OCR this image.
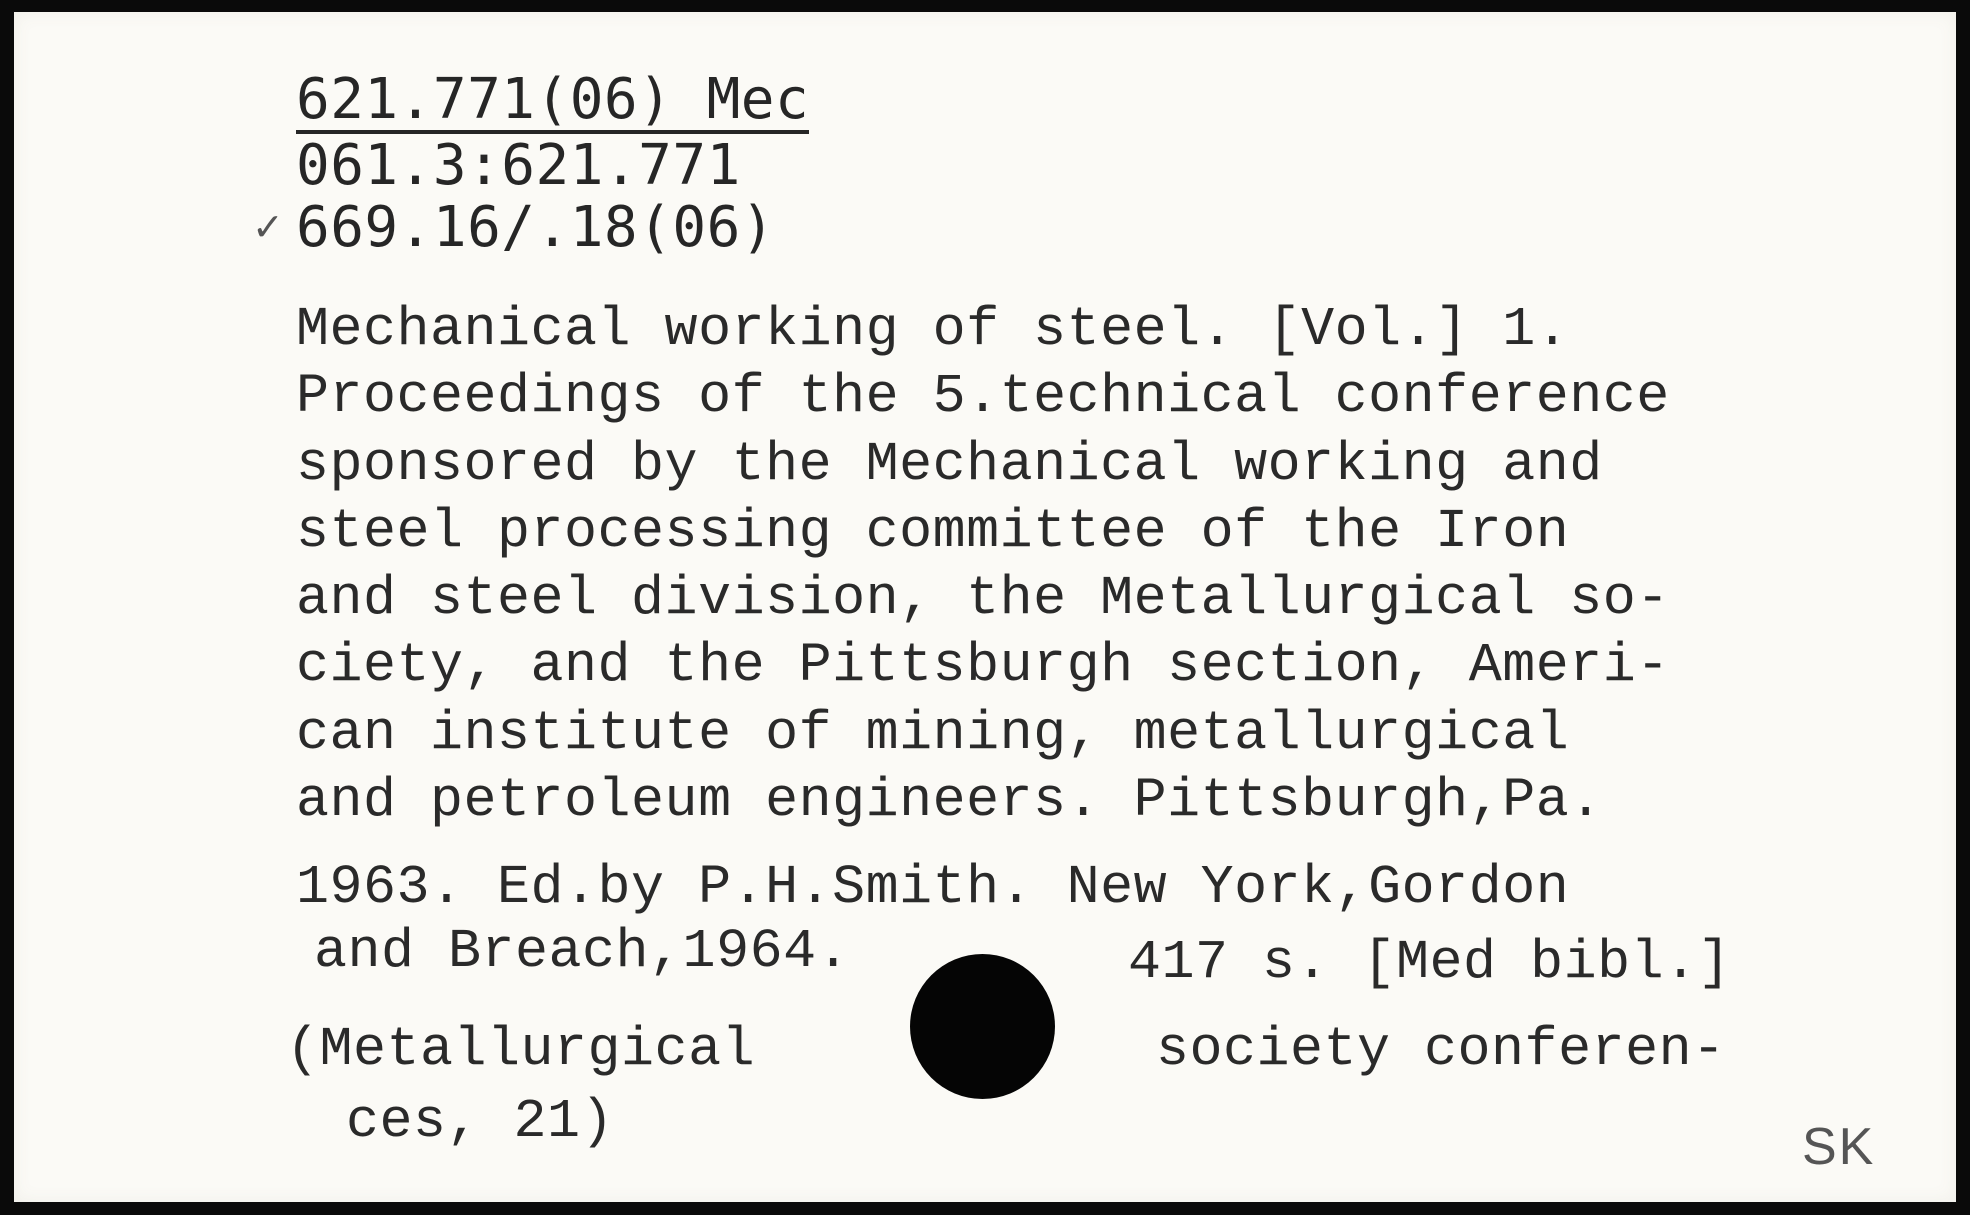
621.771(06) Mec
061.3:621.771
✓ 669.16/.18(06)
Mechanical working of steel. [Vol.] 1.
Proceedings of the 5.technical conference
sponsored by the Mechanical working and
steel processing committee of the Iron
and steel division, the Metallurgical so-
ciety, and the Pittsburgh section, Ameri-
can institute of mining, metallurgical
and petroleum engineers. Pittsburgh,Pa.
1963. Ed.by P.H.Smith. New York,Gordon
and Breach,1964.	417 s. [Med bibl.]
(Metallurgical	society conferen-
ces, 21)	SK
